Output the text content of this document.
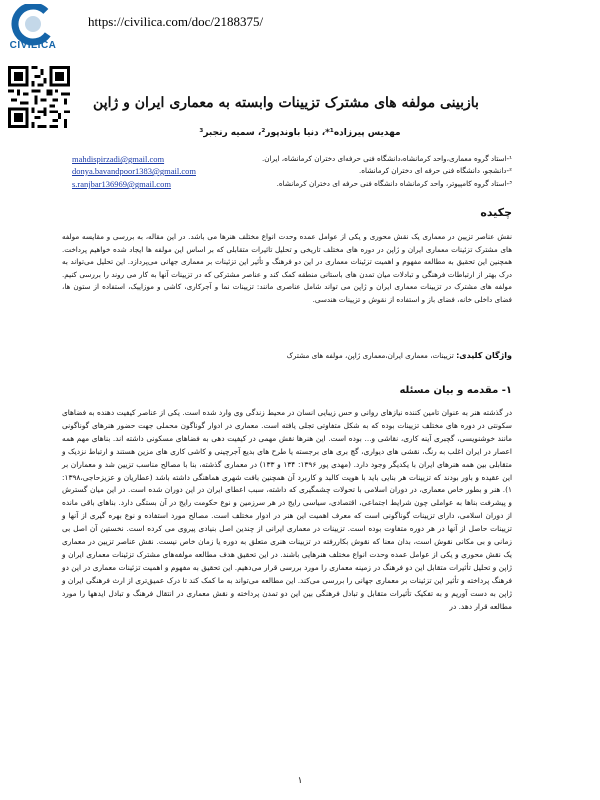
CIVILICA
https://civilica.com/doc/2188375/
بازبینی مولفه های مشترک تزیینات وابسته به معماری ایران و ژاپن
مهدیس پیرزاده¹*، دنیا باوندپور²، سمیه رنجبر³
¹-استاد گروه معماری،واحد کرمانشاه،دانشگاه فنی حرفه‌ای دختران کرمانشاه، ایران.
mahdispirzadi@gmail.com
²-دانشجو، دانشگاه فنی حرفه ای دختران کرمانشاه.
donya.bavandpoor1383@gmail.com
³-استاد گروه کامپیوتر، واحد کرمانشاه دانشگاه فنی حرفه ای دختران کرمانشاه.
s.ranjbar136969@gmail.com
چکیده
نقش عناصر تزیین در معماری یک نقش محوری و یکی از عوامل عمده وحدت انواع مختلف هنرها می باشد. در این مقاله، به بررسی و مقایسه مولفه های مشترک تزئینات معماری ایران و ژاپن در دوره های مختلف تاریخی و تحلیل تاثیرات متقابلی که بر اساس این مولفه ها ایجاد شده خواهیم پرداخت. همچنین این تحقیق به مطالعه مفهوم و اهمیت تزئینات معماری در این دو فرهنگ و تأثیر این تزئینات بر معماری جهانی می‌پردازد. این تحلیل می‌تواند به درک بهتر از ارتباطات فرهنگی و تبادلات میان تمدن های باستانی منطقه کمک کند و عناصر مشترکی که در تزیینات آنها به کار می روند را بررسی کنیم. مولفه های مشترک در تزیینات معماری ایران و ژاپن می تواند شامل عناصری مانند: تزیینات نما و آجرکاری، کاشی و موزاییک، استفاده از ستون ها، فضای داخلی خانه، فضای باز و استفاده از نقوش و تزیینات هندسی.
واژگان کلیدی: تزیینات، معماری ایران،معماری ژاپن، مولفه های مشترک
۱- مقدمه و بیان مسئله
در گذشته هنر به عنوان تامین کننده نیازهای روانی و حس زیبایی انسان در محیط زندگی وی وارد شده است. یکی از عناصر کیفیت دهنده به فضاهای سکونتی در دوره های مختلف تزیینات بوده که به شکل متفاوتی تجلی یافته است. معماری در ادوار گوناگون محملی جهت حضور هنرهای گوناگونی مانند خوشنویسی، گچبری آینه کاری، نقاشی و... بوده است. این هنرها نقش مهمی در کیفیت دهی به فضاهای مسکونی داشته اند. بناهای مهم همه اعصار در ایران اغلب به رنگ، نقشی های دیواری، گچ بری های برجسته یا طرح های بدیع آجرچینی و کاشی کاری های مزین هستند و ارتباط نزدیک و متقابلی بین همه هنرهای ایران با یکدیگر وجود دارد. (مهدی پور ۱۳۹۶: ۱۳۴ و ۱۳۳) در معماری گذشته، بنا با مصالح مناسب تزیین شد و معماران بر این عقیده و باور بودند که تزیینات هر بنایی باید با هویت کالبد و کاربرد آن همچنین بافت شهری هماهنگی داشته باشد (عطاریان و عزیزحاجی،۱۳۹۸: ۱). هنر و بطور خاص معماری، در دوران اسلامی با تحولات چشمگیری که داشته، سبب اعطای ایران در این دوران شده است. در این میان گسترش و پیشرفت بناها به عواملی چون شرایط اجتماعی، اقتصادی، سیاسی رایج در هر سرزمین و نوع حکومت رایج در آن بستگی دارد. بناهای باقی مانده از دوران اسلامی، دارای تزیینات گوناگونی است که معرف اهمیت این هنر در ادوار مختلف است. مصالح مورد استفاده و نوع بهره گیری از آنها و تزیینات حاصل از آنها در هر دوره متفاوت بوده است. تزیینات در معماری ایرانی از چندین اصل بنیادی پیروی می کرده است. نخستین آن اصل بی زمانی و بی مکانی نقوش است، بدان معنا که نقوش بکاررفته در تزیینات هنری متعلق به دوره یا زمان خاص نیست. نقش عناصر تزیین در معماری یک نقش محوری و یکی از عوامل عمده وحدت انواع مختلف هنرهایی باشند. در این تحقیق هدف مطالعه مولفه‌های مشترک تزئینات معماری ایران و ژاپن و تحلیل تأثیرات متقابل این دو فرهنگ در زمینه معماری را مورد بررسی قرار می‌دهیم. این تحقیق به مفهوم و اهمیت تزئینات معماری در این دو فرهنگ پرداخته و تأثیر این تزئینات بر معماری جهانی را بررسی می‌کند. این مطالعه می‌تواند به ما کمک کند تا درک عمیق‌تری از ارث فرهنگی ایران و ژاپن به دست آوریم و به تفکیک تأثیرات متقابل و تبادل فرهنگی بین این دو تمدن پرداخته و نقش معماری در انتقال فرهنگ و تبادل ایدهها را مورد مطالعه قرار دهد. در
۱
